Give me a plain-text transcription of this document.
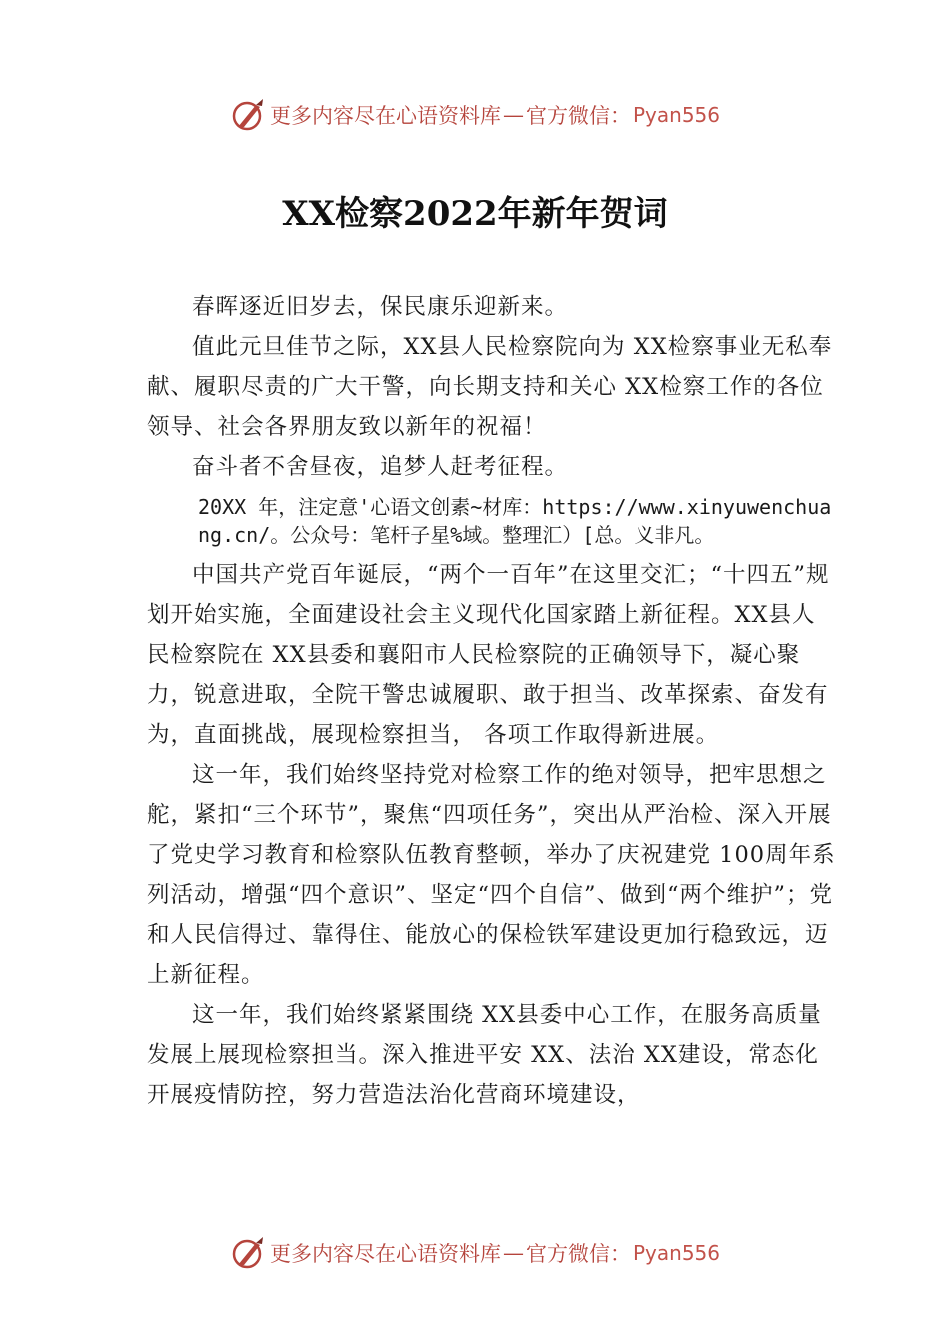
更多内容尽在心语资料库 — 官方微信： Pyan556
XX检察2022年新年贺词

春晖逐近旧岁去，保民康乐迎新来。

值此元旦佳节之际，XX县人民检察院向为 XX检察事业无私奉献、履职尽责的广大干警，向长期支持和关心 XX检察工作的各位领导、社会各界朋友致以新年的祝福！

奋斗者不舍昼夜，追梦人赶考征程。

20XX 年，注定意'心语文创素~材库：https://www.xinyuwenchuang.cn/。公众号：笔杆子星%域。整理汇）[总。义非凡。

中国共产党百年诞辰，“两个一百年”在这里交汇；“十四五”规划开始实施，全面建设社会主义现代化国家踏上新征程。XX县人民检察院在 XX县委和襄阳市人民检察院的正确领导下，凝心聚力，锐意进取，全院干警忠诚履职、敢于担当、改革探索、奋发有为，直面挑战，展现检察担当， 各项工作取得新进展。

这一年，我们始终坚持党对检察工作的绝对领导，把牢思想之舵，紧扣“三个环节”，聚焦“四项任务”，突出从严治检、深入开展了党史学习教育和检察队伍教育整顿，举办了庆祝建党 100周年系列活动，增强“四个意识”、坚定“四个自信”、做到“两个维护”；党和人民信得过、靠得住、能放心的保检铁军建设更加行稳致远，迈上新征程。

这一年，我们始终紧紧围绕 XX县委中心工作，在服务高质量发展上展现检察担当。深入推进平安 XX、法治 XX建设，常态化开展疫情防控，努力营造法治化营商环境建设，

更多内容尽在心语资料库 — 官方微信： Pyan556
